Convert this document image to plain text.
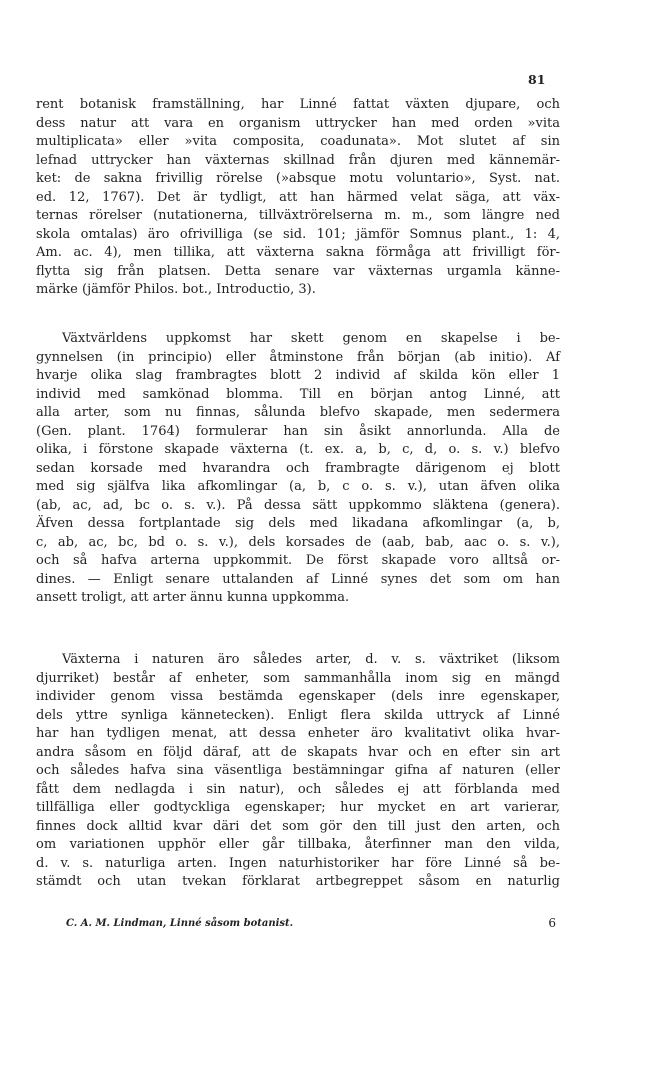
81
rent botanisk framställning, har Linné fattat växten djupare, och
dess natur att vara en organism uttrycker han med orden »vita
multiplicata» eller »vita composita, coadunata». Mot slutet af sin
lefnad uttrycker han växternas skillnad från djuren med kännemär-
ket: de sakna frivillig rörelse (»absque motu voluntario», Syst. nat.
ed. 12, 1767). Det är tydligt, att han härmed velat säga, att väx-
ternas rörelser (nutationerna, tillväxtrörelserna m. m., som längre ned
skola omtalas) äro ofrivilliga (se sid. 101; jämför Somnus plant., 1: 4,
Am. ac. 4), men tillika, att växterna sakna förmåga att frivilligt för-
flytta sig från platsen. Detta senare var växternas urgamla känne-
märke (jämför Philos. bot., Introductio, 3).
Växtvärldens uppkomst har skett genom en skapelse i be-
gynnelsen (in principio) eller åtminstone från början (ab initio). Af
hvarje olika slag frambragtes blott 2 individ af skilda kön eller 1
individ med samkönad blomma. Till en början antog Linné, att
alla arter, som nu finnas, sålunda blefvo skapade, men sedermera
(Gen. plant. 1764) formulerar han sin åsikt annorlunda. Alla de
olika, i förstone skapade växterna (t. ex. a, b, c, d, o. s. v.) blefvo
sedan korsade med hvarandra och frambragte därigenom ej blott
med sig själfva lika afkomlingar (a, b, c o. s. v.), utan äfven olika
(ab, ac, ad, bc o. s. v.). På dessa sätt uppkommo släktena (genera).
Äfven dessa fortplantade sig dels med likadana afkomlingar (a, b,
c, ab, ac, bc, bd o. s. v.), dels korsades de (aab, bab, aac o. s. v.),
och så hafva arterna uppkommit. De först skapade voro alltså or-
dines. — Enligt senare uttalanden af Linné synes det som om han
ansett troligt, att arter ännu kunna uppkomma.
Växterna i naturen äro således arter, d. v. s. växtriket (liksom
djurriket) består af enheter, som sammanhålla inom sig en mängd
individer genom vissa bestämda egenskaper (dels inre egenskaper,
dels yttre synliga kännetecken). Enligt flera skilda uttryck af Linné
har han tydligen menat, att dessa enheter äro kvalitativt olika hvar-
andra såsom en följd däraf, att de skapats hvar och en efter sin art
och således hafva sina väsentliga bestämningar gifna af naturen (eller
fått dem nedlagda i sin natur), och således ej att förblanda med
tillfälliga eller godtyckliga egenskaper; hur mycket en art varierar,
finnes dock alltid kvar däri det som gör den till just den arten, och
om variationen upphör eller går tillbaka, återfinner man den vilda,
d. v. s. naturliga arten. Ingen naturhistoriker har före Linné så be-
stämdt och utan tvekan förklarat artbegreppet såsom en naturlig
C. A. M. Lindman, Linné såsom botanist.	6
